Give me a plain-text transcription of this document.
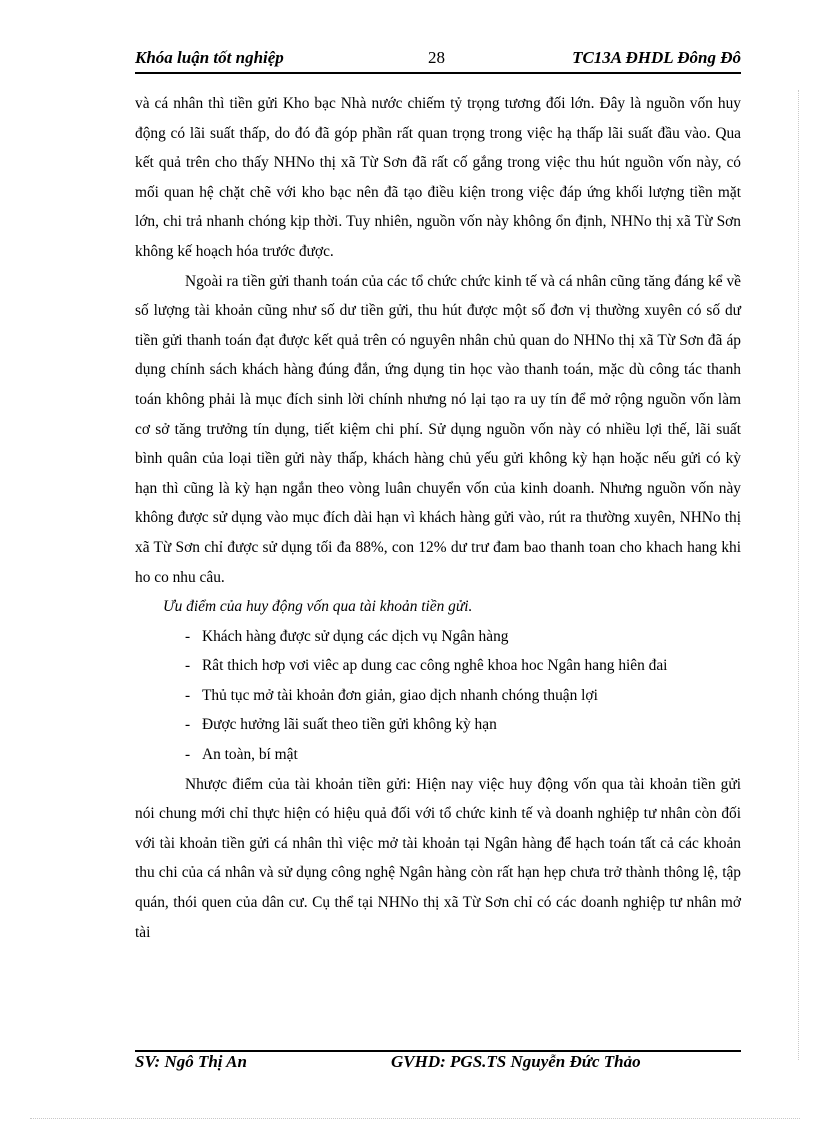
Khóa luận tốt nghiệp	28	TC13A ĐHDL Đông Đô

và cá nhân thì tiền gửi Kho bạc Nhà nước chiếm tỷ trọng tương đối lớn. Đây là nguồn vốn huy động có lãi suất thấp, do đó đã góp phần rất quan trọng trong việc hạ thấp lãi suất đầu vào. Qua kết quả trên cho thấy NHNo thị xã Từ Sơn đã rất cố gắng trong việc thu hút nguồn vốn này, có mối quan hệ chặt chẽ với kho bạc nên đã tạo điều kiện trong việc đáp ứng khối lượng tiền mặt lớn, chi trả nhanh chóng kịp thời. Tuy nhiên, nguồn vốn này không ổn định, NHNo thị xã Từ Sơn không kế hoạch hóa trước được.

Ngoài ra tiền gửi thanh toán của các tổ chức chức kinh tế và cá nhân cũng tăng đáng kể về số lượng tài khoản cũng như số dư tiền gửi, thu hút được một số đơn vị thường xuyên có số dư tiền gửi thanh toán đạt được kết quả trên có nguyên nhân chủ quan do NHNo thị xã Từ Sơn đã áp dụng chính sách khách hàng đúng đắn, ứng dụng tin học vào thanh toán, mặc dù công tác thanh toán không phải là mục đích sinh lời chính nhưng nó lại tạo ra uy tín để mở rộng nguồn vốn làm cơ sở tăng trưởng tín dụng, tiết kiệm chi phí. Sử dụng nguồn vốn này có nhiều lợi thế, lãi suất bình quân của loại tiền gửi này thấp, khách hàng chủ yếu gửi không kỳ hạn hoặc nếu gửi có kỳ hạn thì cũng là kỳ hạn ngắn theo vòng luân chuyển vốn của kinh doanh. Nhưng nguồn vốn này không được sử dụng vào mục đích dài hạn vì khách hàng gửi vào, rút ra thường xuyên, NHNo thị xã Từ Sơn chỉ được sử dụng tối đa 88%, con 12% dư trư đam bao thanh toan cho khach hang khi ho co nhu câu.

Ưu điểm của huy động vốn qua tài khoản tiền gửi.

- Khách hàng được sử dụng các dịch vụ Ngân hàng
- Rât thich hơp vơi viêc ap dung cac công nghê khoa hoc Ngân hang hiên đai
- Thủ tục mở tài khoản đơn giản, giao dịch nhanh chóng thuận lợi
- Được hưởng lãi suất theo tiền gửi không kỳ hạn
- An toàn, bí mật

Nhược điểm của tài khoản tiền gửi: Hiện nay việc huy động vốn qua tài khoản tiền gửi nói chung mới chỉ thực hiện có hiệu quả đối với tổ chức kinh tế và doanh nghiệp tư nhân còn đối với tài khoản tiền gửi cá nhân thì việc mở tài khoản tại Ngân hàng để hạch toán tất cả các khoản thu chi của cá nhân và sử dụng công nghệ Ngân hàng còn rất hạn hẹp chưa trở thành thông lệ, tập quán, thói quen của dân cư. Cụ thể tại NHNo thị xã Từ Sơn chỉ có các doanh nghiệp tư nhân mở tài

SV: Ngô Thị An	GVHD: PGS.TS Nguyễn Đức Thảo
